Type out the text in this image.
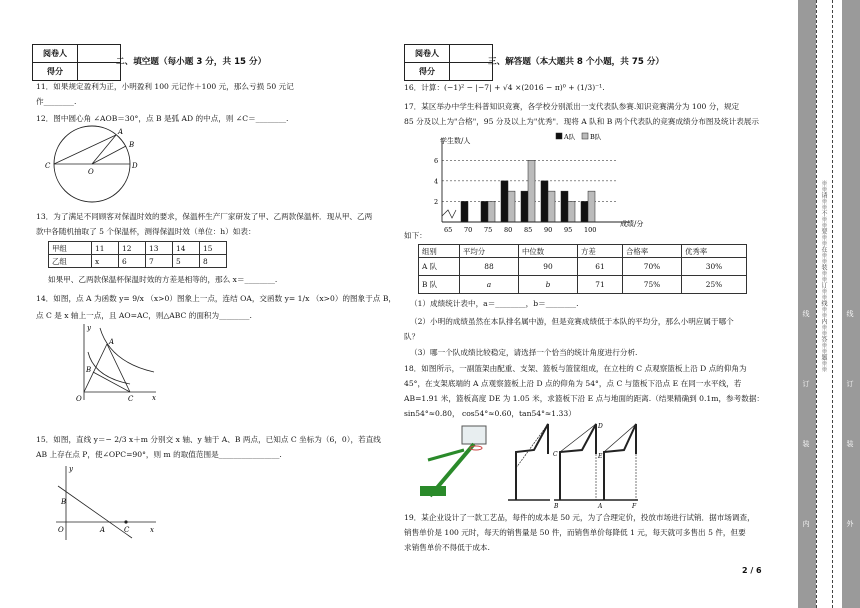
阅卷人	
得分	
二、填空题（每小题 3 分，共 15 分）
11．如果规定盈利为正，小明盈利 100 元记作＋100 元，那么亏损 50 元记
作________.
12．图中圆心角 ∠AOB＝30°，点 B 是弧 AD 的中点，则 ∠C＝________.
A
B
C
O
D
13．为了满足不同顾客对保温时效的要求，保温杯生产厂家研发了甲、乙两款保温杯．现从甲、乙两
款中各随机抽取了 5 个保温杯，测得保温时效（单位：h）如表：
甲组	11	12	13	14	15
乙组	x	6	7	5	8
如果甲、乙两款保温杯保温时效的方差是相等的，那么 x＝________.
14．如图，点 A 为函数 y= 9/x （x>0）图象上一点，连结 OA，交函数 y= 1/x （x>0）的图象于点 B，
点 C 是 x 轴上一点，且 AO=AC，则△ABC 的面积为________.
A
B
C
O	x
y
15．如图，直线 y＝− 2/3 x＋m 分别交 x 轴、y 轴于 A、B 两点，已知点 C 坐标为（6，0），若直线
AB 上存在点 P，使∠OPC=90°，则 m 的取值范围是________________.
B
O	A	C	x
y
阅卷人	
得分	
三、解答题（本大题共 8 个小题，共 75 分）
16．计算：(−1)² − |−7| + √4 ×(2016 − π)⁰ + (1/3)⁻¹.
17．某区举办中学生科普知识竞赛，各学校分别派出一支代表队参赛.知识竞赛满分为 100 分，规定
85 分及以上为"合格"，95 分及以上为"优秀"．现将 A 队和 B 两个代表队的竞赛成绩分布图及统计表展示
学生数/人
成绩/分
A队 B队
2
4
6
65 70 75 80 85 90 95 100
如下：
组别	平均分	中位数	方差	合格率	优秀率
A 队	88	90	61	70%	30%
B 队	a	b	71	75%	25%
（1）成绩统计表中，a＝________，b＝________.
（2）小明的成绩虽然在本队排名属中游，但是竞赛成绩低于本队的平均分，那么小明应属于哪个
队？
（3）哪一个队成绩比较稳定，请选择一个恰当的统计角度进行分析.
18．如图所示，一副篮架由配重、支架、篮板与篮筐组成，在立柱的 C 点观察篮板上沿 D 点的仰角为
45°，在支架底端的 A 点观察篮板上沿 D 点的仰角为 54°，点 C 与篮板下沿点 E 在同一水平线，若
AB=1.91 米，篮板高度 DE 为 1.05 米，求篮板下沿 E 点与地面的距离.（结果精确到 0.1m，参考数据：
sin54°≈0.80， cos54°≈0.60，tan54°≈1.33）
D
E
C
B	A	F
19．某企业设计了一款工艺品，每件的成本是 50 元，为了合理定价，投放市场进行试销．据市场调查，
销售单价是 100 元时，每天的销售量是 50 件，而销售单价每降低 1 元，每天就可多售出 5 件，但要
求销售单价不得低于成本.
2 / 6
※※请※※不※※要※※在※※装※※订※※线※※内※※答※※题※※
内
装
订
线
外
装
订
线
